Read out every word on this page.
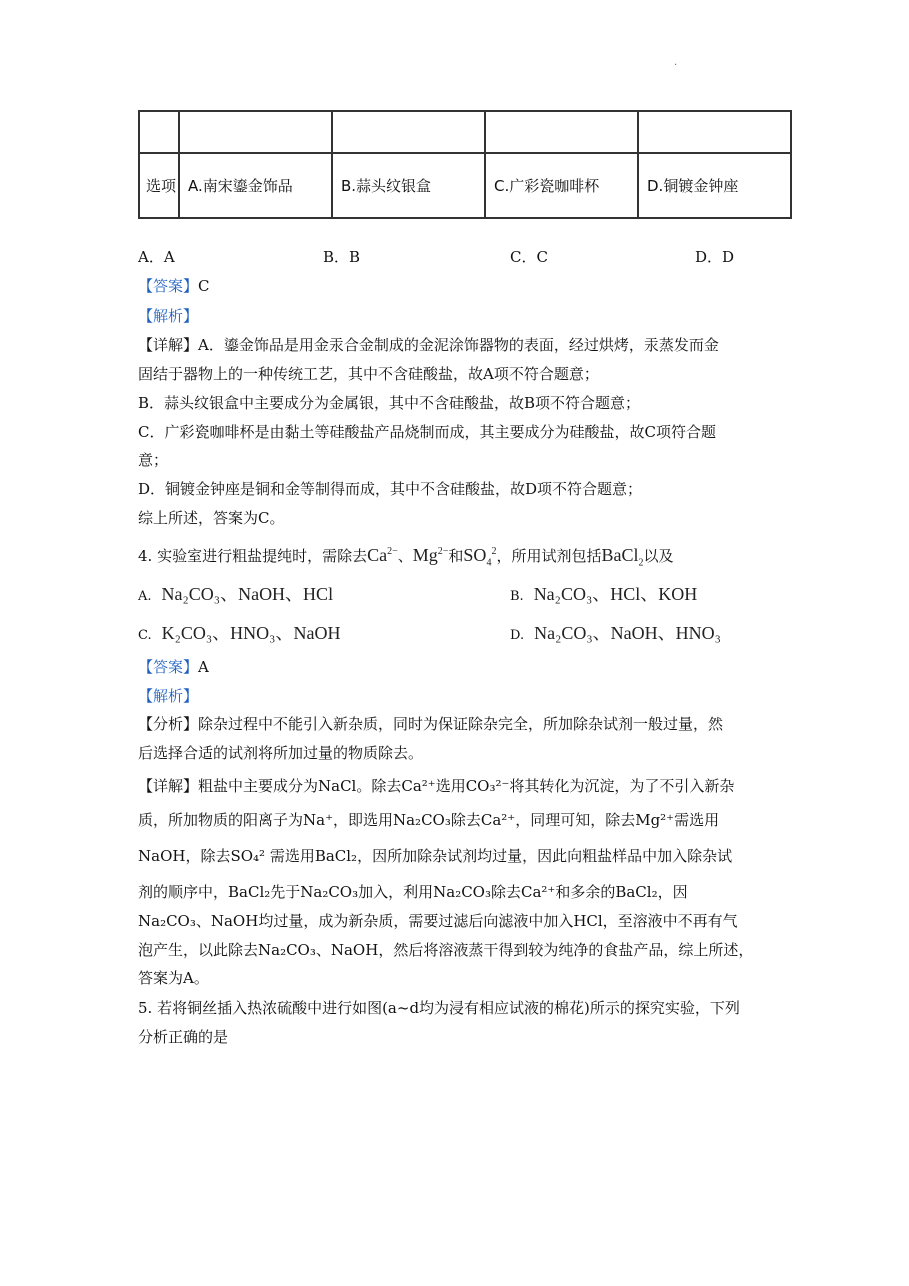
·

选项	A.南宋鎏金饰品	B.蒜头纹银盒	C.广彩瓷咖啡杯	D.铜镀金钟座
A．A	B．B	C．C	D．D
【答案】C
【解析】
【详解】A．鎏金饰品是用金汞合金制成的金泥涂饰器物的表面，经过烘烤，汞蒸发而金
固结于器物上的一种传统工艺，其中不含硅酸盐，故A项不符合题意；
B．蒜头纹银盒中主要成分为金属银，其中不含硅酸盐，故B项不符合题意；
C．广彩瓷咖啡杯是由黏土等硅酸盐产品烧制而成，其主要成分为硅酸盐，故C项符合题
意；
D．铜镀金钟座是铜和金等制得而成，其中不含硅酸盐，故D项不符合题意；
综上所述，答案为C。
4. 实验室进行粗盐提纯时，需除去$Ca^{2-}$、$Mg^{2-}$和$SO_4^2$，所用试剂包括BaCl$_2$以及
A. Na₂CO₃、NaOH、HCl	B. Na₂CO₃、HCl、KOH
C. K₂CO₃、HNO₃、NaOH	D. Na₂CO₃、NaOH、HNO₃
【答案】A
【解析】
【分析】除杂过程中不能引入新杂质，同时为保证除杂完全，所加除杂试剂一般过量，然
后选择合适的试剂将所加过量的物质除去。
【详解】粗盐中主要成分为NaCl。除去Ca²⁺选用CO₃²⁻将其转化为沉淀，为了不引入新杂
质，所加物质的阳离子为Na⁺，即选用Na₂CO₃除去Ca²⁺，同理可知，除去Mg²⁺需选用
NaOH，除去SO₄² 需选用BaCl₂，因所加除杂试剂均过量，因此向粗盐样品中加入除杂试
剂的顺序中，BaCl₂先于Na₂CO₃加入，利用Na₂CO₃除去Ca²⁺和多余的BaCl₂，因
Na₂CO₃、NaOH均过量，成为新杂质，需要过滤后向滤液中加入HCl，至溶液中不再有气
泡产生，以此除去Na₂CO₃、NaOH，然后将溶液蒸干得到较为纯净的食盐产品，综上所述，
答案为A。
5. 若将铜丝插入热浓硫酸中进行如图(a~d均为浸有相应试液的棉花)所示的探究实验，下列
分析正确的是
